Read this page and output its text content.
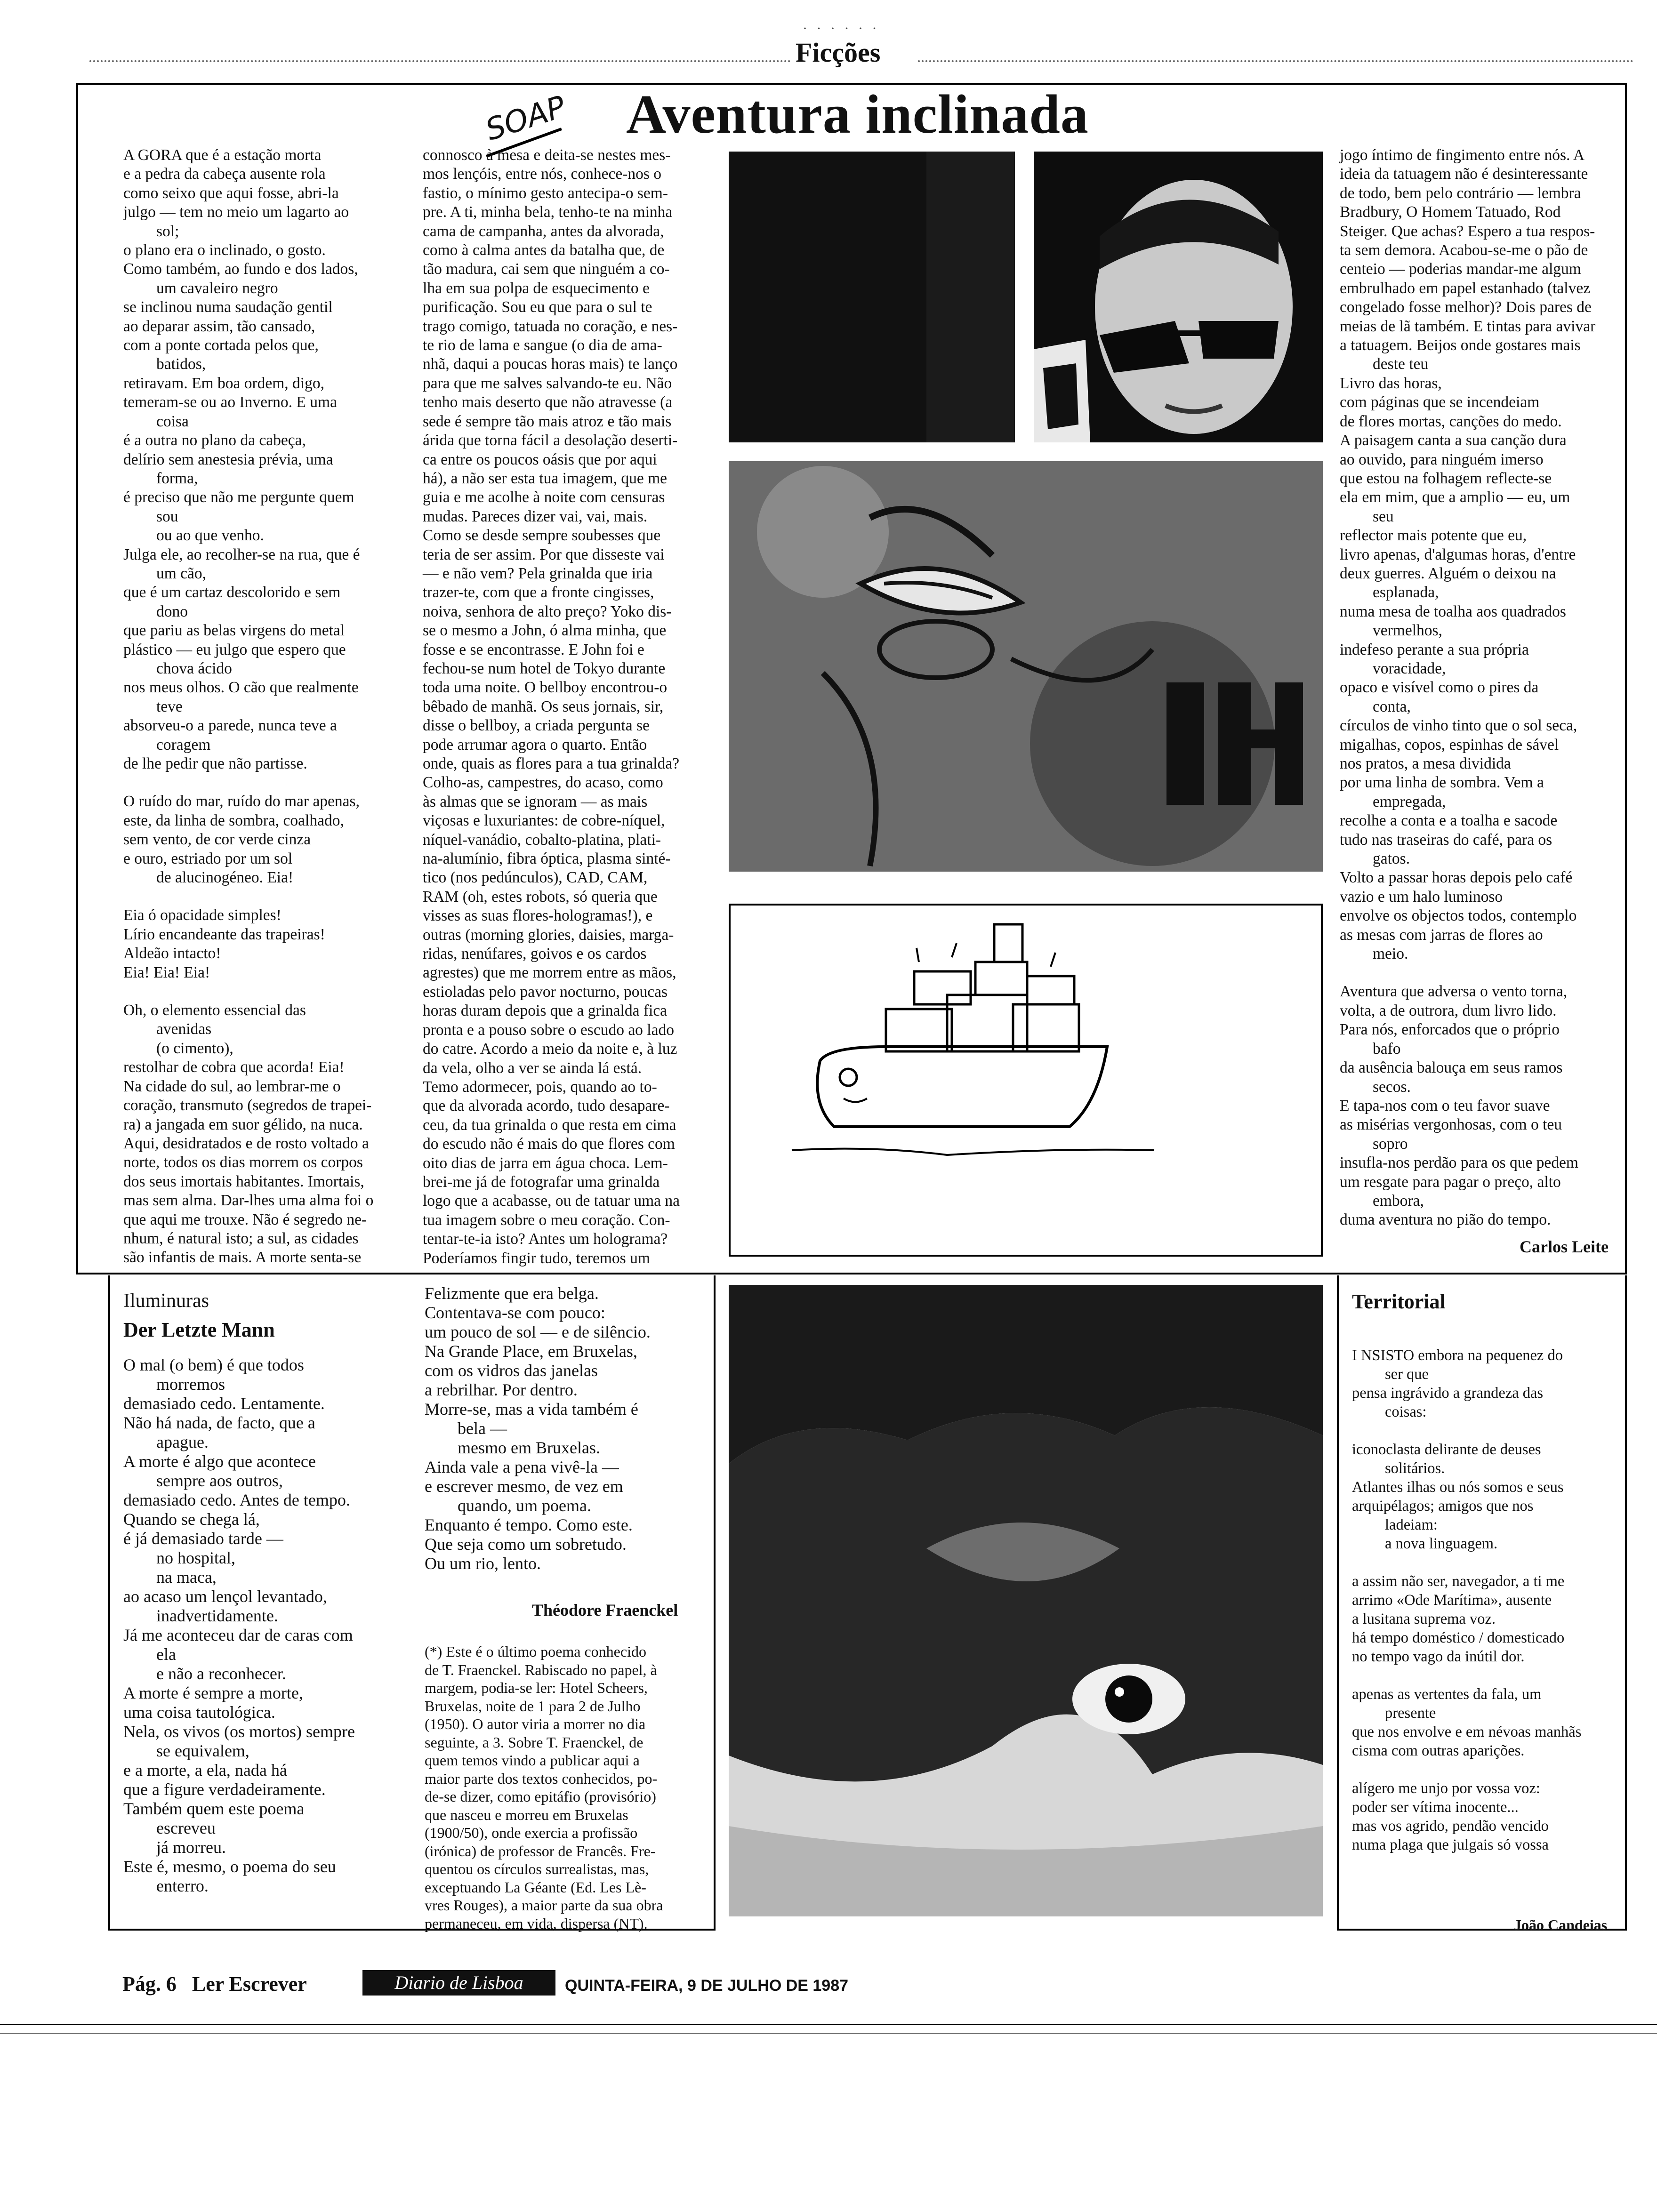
· · · · · ·
Ficções
SOAP Aventura inclinada
A GORA que é a estação morta
e a pedra da cabeça ausente rola
como seixo que aqui fosse, abri-la
julgo — tem no meio um lagarto ao
sol;
o plano era o inclinado, o gosto.
Como também, ao fundo e dos lados,
um cavaleiro negro
se inclinou numa saudação gentil
ao deparar assim, tão cansado,
com a ponte cortada pelos que,
batidos,
retiravam. Em boa ordem, digo,
temeram-se ou ao Inverno. E uma
coisa
é a outra no plano da cabeça,
delírio sem anestesia prévia, uma
forma,
é preciso que não me pergunte quem
sou
ou ao que venho.
Julga ele, ao recolher-se na rua, que é
um cão,
que é um cartaz descolorido e sem
dono
que pariu as belas virgens do metal
plástico — eu julgo que espero que
chova ácido
nos meus olhos. O cão que realmente
teve
absorveu-o a parede, nunca teve a
coragem
de lhe pedir que não partisse.

O ruído do mar, ruído do mar apenas,
este, da linha de sombra, coalhado,
sem vento, de cor verde cinza
e ouro, estriado por um sol
de alucinogéneo. Eia!

Eia ó opacidade simples!
Lírio encandeante das trapeiras!
Aldeão intacto!
Eia! Eia! Eia!

Oh, o elemento essencial das
avenidas
(o cimento),
restolhar de cobra que acorda! Eia!
Na cidade do sul, ao lembrar-me o
coração, transmuto (segredos de trapei-
ra) a jangada em suor gélido, na nuca.
Aqui, desidratados e de rosto voltado a
norte, todos os dias morrem os corpos
dos seus imortais habitantes. Imortais,
mas sem alma. Dar-lhes uma alma foi o
que aqui me trouxe. Não é segredo ne-
nhum, é natural isto; a sul, as cidades
são infantis de mais. A morte senta-se
connosco à mesa e deita-se nestes mes-
mos lençóis, entre nós, conhece-nos o
fastio, o mínimo gesto antecipa-o sem-
pre. A ti, minha bela, tenho-te na minha
cama de campanha, antes da alvorada,
como à calma antes da batalha que, de
tão madura, cai sem que ninguém a co-
lha em sua polpa de esquecimento e
purificação. Sou eu que para o sul te
trago comigo, tatuada no coração, e nes-
te rio de lama e sangue (o dia de ama-
nhã, daqui a poucas horas mais) te lanço
para que me salves salvando-te eu. Não
tenho mais deserto que não atravesse (a
sede é sempre tão mais atroz e tão mais
árida que torna fácil a desolação deserti-
ca entre os poucos oásis que por aqui
há), a não ser esta tua imagem, que me
guia e me acolhe à noite com censuras
mudas. Pareces dizer vai, vai, mais.
Como se desde sempre soubesses que
teria de ser assim. Por que disseste vai
— e não vem? Pela grinalda que iria
trazer-te, com que a fronte cingisses,
noiva, senhora de alto preço? Yoko dis-
se o mesmo a John, ó alma minha, que
fosse e se encontrasse. E John foi e
fechou-se num hotel de Tokyo durante
toda uma noite. O bellboy encontrou-o
bêbado de manhã. Os seus jornais, sir,
disse o bellboy, a criada pergunta se
pode arrumar agora o quarto. Então
onde, quais as flores para a tua grinalda?
Colho-as, campestres, do acaso, como
às almas que se ignoram — as mais
viçosas e luxuriantes: de cobre-níquel,
níquel-vanádio, cobalto-platina, plati-
na-alumínio, fibra óptica, plasma sinté-
tico (nos pedúnculos), CAD, CAM,
RAM (oh, estes robots, só queria que
visses as suas flores-hologramas!), e
outras (morning glories, daisies, marga-
ridas, nenúfares, goivos e os cardos
agrestes) que me morrem entre as mãos,
estioladas pelo pavor nocturno, poucas
horas duram depois que a grinalda fica
pronta e a pouso sobre o escudo ao lado
do catre. Acordo a meio da noite e, à luz
da vela, olho a ver se ainda lá está.
Temo adormecer, pois, quando ao to-
que da alvorada acordo, tudo desapare-
ceu, da tua grinalda o que resta em cima
do escudo não é mais do que flores com
oito dias de jarra em água choca. Lem-
brei-me já de fotografar uma grinalda
logo que a acabasse, ou de tatuar uma na
tua imagem sobre o meu coração. Con-
tentar-te-ia isto? Antes um holograma?
Poderíamos fingir tudo, teremos um
jogo íntimo de fingimento entre nós. A
ideia da tatuagem não é desinteressante
de todo, bem pelo contrário — lembra
Bradbury, O Homem Tatuado, Rod
Steiger. Que achas? Espero a tua respos-
ta sem demora. Acabou-se-me o pão de
centeio — poderias mandar-me algum
embrulhado em papel estanhado (talvez
congelado fosse melhor)? Dois pares de
meias de lã também. E tintas para avivar
a tatuagem. Beijos onde gostares mais
deste teu
Livro das horas,
com páginas que se incendeiam
de flores mortas, canções do medo.
A paisagem canta a sua canção dura
ao ouvido, para ninguém imerso
que estou na folhagem reflecte-se
ela em mim, que a amplio — eu, um
seu
reflector mais potente que eu,
livro apenas, d'algumas horas, d'entre
deux guerres. Alguém o deixou na
esplanada,
numa mesa de toalha aos quadrados
vermelhos,
indefeso perante a sua própria
voracidade,
opaco e visível como o pires da
conta,
círculos de vinho tinto que o sol seca,
migalhas, copos, espinhas de sável
nos pratos, a mesa dividida
por uma linha de sombra. Vem a
empregada,
recolhe a conta e a toalha e sacode
tudo nas traseiras do café, para os
gatos.
Volto a passar horas depois pelo café
vazio e um halo luminoso
envolve os objectos todos, contemplo
as mesas com jarras de flores ao
meio.

Aventura que adversa o vento torna,
volta, a de outrora, dum livro lido.
Para nós, enforcados que o próprio
bafo
da ausência balouça em seus ramos
secos.
E tapa-nos com o teu favor suave
as misérias vergonhosas, com o teu
sopro
insufla-nos perdão para os que pedem
um resgate para pagar o preço, alto
embora,
duma aventura no pião do tempo.
Carlos Leite
Iluminuras
Der Letzte Mann
O mal (o bem) é que todos
morremos
demasiado cedo. Lentamente.
Não há nada, de facto, que a
apague.
A morte é algo que acontece
sempre aos outros,
demasiado cedo. Antes de tempo.
Quando se chega lá,
é já demasiado tarde —
no hospital,
na maca,
ao acaso um lençol levantado,
inadvertidamente.
Já me aconteceu dar de caras com
ela
e não a reconhecer.
A morte é sempre a morte,
uma coisa tautológica.
Nela, os vivos (os mortos) sempre
se equivalem,
e a morte, a ela, nada há
que a figure verdadeiramente.
Também quem este poema
escreveu
já morreu.
Este é, mesmo, o poema do seu
enterro.
Felizmente que era belga.
Contentava-se com pouco:
um pouco de sol — e de silêncio.
Na Grande Place, em Bruxelas,
com os vidros das janelas
a rebrilhar. Por dentro.
Morre-se, mas a vida também é
bela —
mesmo em Bruxelas.
Ainda vale a pena vivê-la —
e escrever mesmo, de vez em
quando, um poema.
Enquanto é tempo. Como este.
Que seja como um sobretudo.
Ou um rio, lento.
Théodore Fraenckel
(*) Este é o último poema conhecido
de T. Fraenckel. Rabiscado no papel, à
margem, podia-se ler: Hotel Scheers,
Bruxelas, noite de 1 para 2 de Julho
(1950). O autor viria a morrer no dia
seguinte, a 3. Sobre T. Fraenckel, de
quem temos vindo a publicar aqui a
maior parte dos textos conhecidos, po-
de-se dizer, como epitáfio (provisório)
que nasceu e morreu em Bruxelas
(1900/50), onde exercia a profissão
(irónica) de professor de Francês. Fre-
quentou os círculos surrealistas, mas,
exceptuando La Géante (Ed. Les Lè-
vres Rouges), a maior parte da sua obra
permaneceu, em vida, dispersa (NT).
Territorial
I NSISTO embora na pequenez do
ser que
pensa ingrávido a grandeza das
coisas:

iconoclasta delirante de deuses
solitários.
Atlantes ilhas ou nós somos e seus
arquipélagos; amigos que nos
ladeiam:
a nova linguagem.

a assim não ser, navegador, a ti me
arrimo «Ode Marítima», ausente
a lusitana suprema voz.
há tempo doméstico / domesticado
no tempo vago da inútil dor.

apenas as vertentes da fala, um
presente
que nos envolve e em névoas manhãs
cisma com outras aparições.

alígero me unjo por vossa voz:
poder ser vítima inocente...
mas vos agrido, pendão vencido
numa plaga que julgais só vossa
João Candeias
Pág. 6 Ler Escrever	Diario de Lisboa	QUINTA-FEIRA, 9 DE JULHO DE 1987
